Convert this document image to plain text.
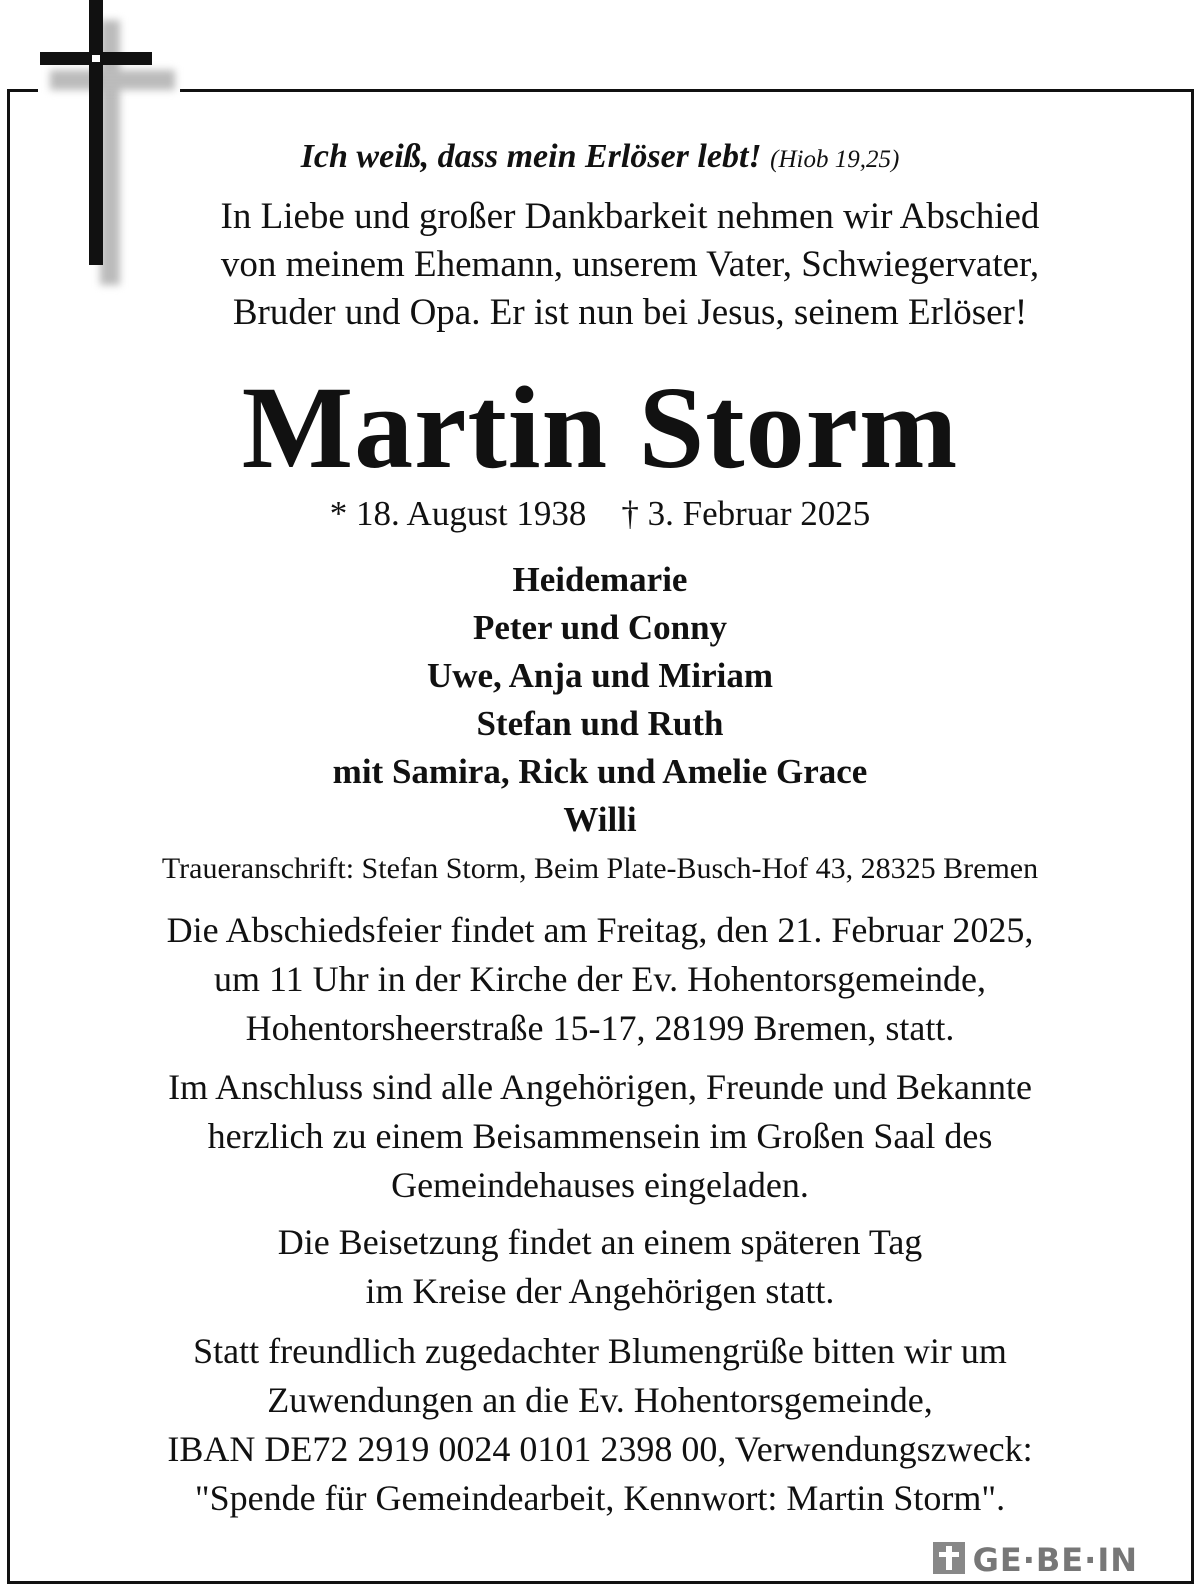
Ich weiß, dass mein Erlöser lebt! (Hiob 19,25)
In Liebe und großer Dankbarkeit nehmen wir Abschied
von meinem Ehemann, unserem Vater, Schwiegervater,
Bruder und Opa. Er ist nun bei Jesus, seinem Erlöser!
Martin Storm
* 18. August 1938 † 3. Februar 2025
Heidemarie
Peter und Conny
Uwe, Anja und Miriam
Stefan und Ruth
mit Samira, Rick und Amelie Grace
Willi
Traueranschrift: Stefan Storm, Beim Plate-Busch-Hof 43, 28325 Bremen
Die Abschiedsfeier findet am Freitag, den 21. Februar 2025,
um 11 Uhr in der Kirche der Ev. Hohentorsgemeinde,
Hohentorsheerstraße 15-17, 28199 Bremen, statt.
Im Anschluss sind alle Angehörigen, Freunde und Bekannte
herzlich zu einem Beisammensein im Großen Saal des
Gemeindehauses eingeladen.
Die Beisetzung findet an einem späteren Tag
im Kreise der Angehörigen statt.
Statt freundlich zugedachter Blumengrüße bitten wir um
Zuwendungen an die Ev. Hohentorsgemeinde,
IBAN DE72 2919 0024 0101 2398 00, Verwendungszweck:
"Spende für Gemeindearbeit, Kennwort: Martin Storm".
GE·BE·IN
